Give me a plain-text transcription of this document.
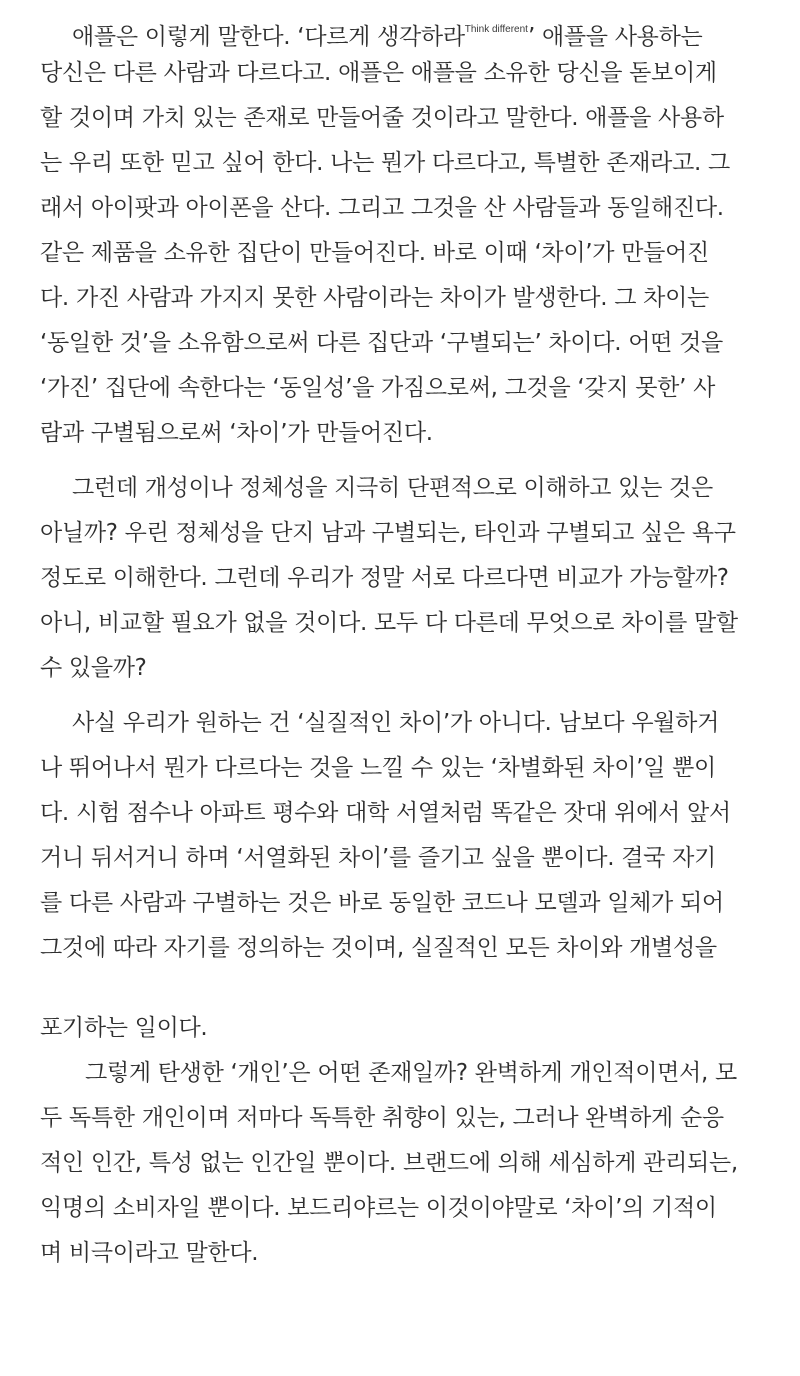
애플은 이렇게 말한다. ‘다르게 생각하라$^{Think different}$’ 애플을 사용하는
당신은 다른 사람과 다르다고. 애플은 애플을 소유한 당신을 돋보이게
할 것이며 가치 있는 존재로 만들어줄 것이라고 말한다. 애플을 사용하
는 우리 또한 믿고 싶어 한다. 나는 뭔가 다르다고, 특별한 존재라고. 그
래서 아이팟과 아이폰을 산다. 그리고 그것을 산 사람들과 동일해진다.
같은 제품을 소유한 집단이 만들어진다. 바로 이때 ‘차이’가 만들어진
다. 가진 사람과 가지지 못한 사람이라는 차이가 발생한다. 그 차이는
‘동일한 것’을 소유함으로써 다른 집단과 ‘구별되는’ 차이다. 어떤 것을
‘가진’ 집단에 속한다는 ‘동일성’을 가짐으로써, 그것을 ‘갖지 못한’ 사
람과 구별됨으로써 ‘차이’가 만들어진다.
그런데 개성이나 정체성을 지극히 단편적으로 이해하고 있는 것은
아닐까? 우린 정체성을 단지 남과 구별되는, 타인과 구별되고 싶은 욕구
정도로 이해한다. 그런데 우리가 정말 서로 다르다면 비교가 가능할까?
아니, 비교할 필요가 없을 것이다. 모두 다 다른데 무엇으로 차이를 말할
수 있을까?
사실 우리가 원하는 건 ‘실질적인 차이’가 아니다. 남보다 우월하거
나 뛰어나서 뭔가 다르다는 것을 느낄 수 있는 ‘차별화된 차이’일 뿐이
다. 시험 점수나 아파트 평수와 대학 서열처럼 똑같은 잣대 위에서 앞서
거니 뒤서거니 하며 ‘서열화된 차이’를 즐기고 싶을 뿐이다. 결국 자기
를 다른 사람과 구별하는 것은 바로 동일한 코드나 모델과 일체가 되어
그것에 따라 자기를 정의하는 것이며, 실질적인 모든 차이와 개별성을
포기하는 일이다.
그렇게 탄생한 ‘개인’은 어떤 존재일까? 완벽하게 개인적이면서, 모
두 독특한 개인이며 저마다 독특한 취향이 있는, 그러나 완벽하게 순응
적인 인간, 특성 없는 인간일 뿐이다. 브랜드에 의해 세심하게 관리되는,
익명의 소비자일 뿐이다. 보드리야르는 이것이야말로 ‘차이’의 기적이
며 비극이라고 말한다.
